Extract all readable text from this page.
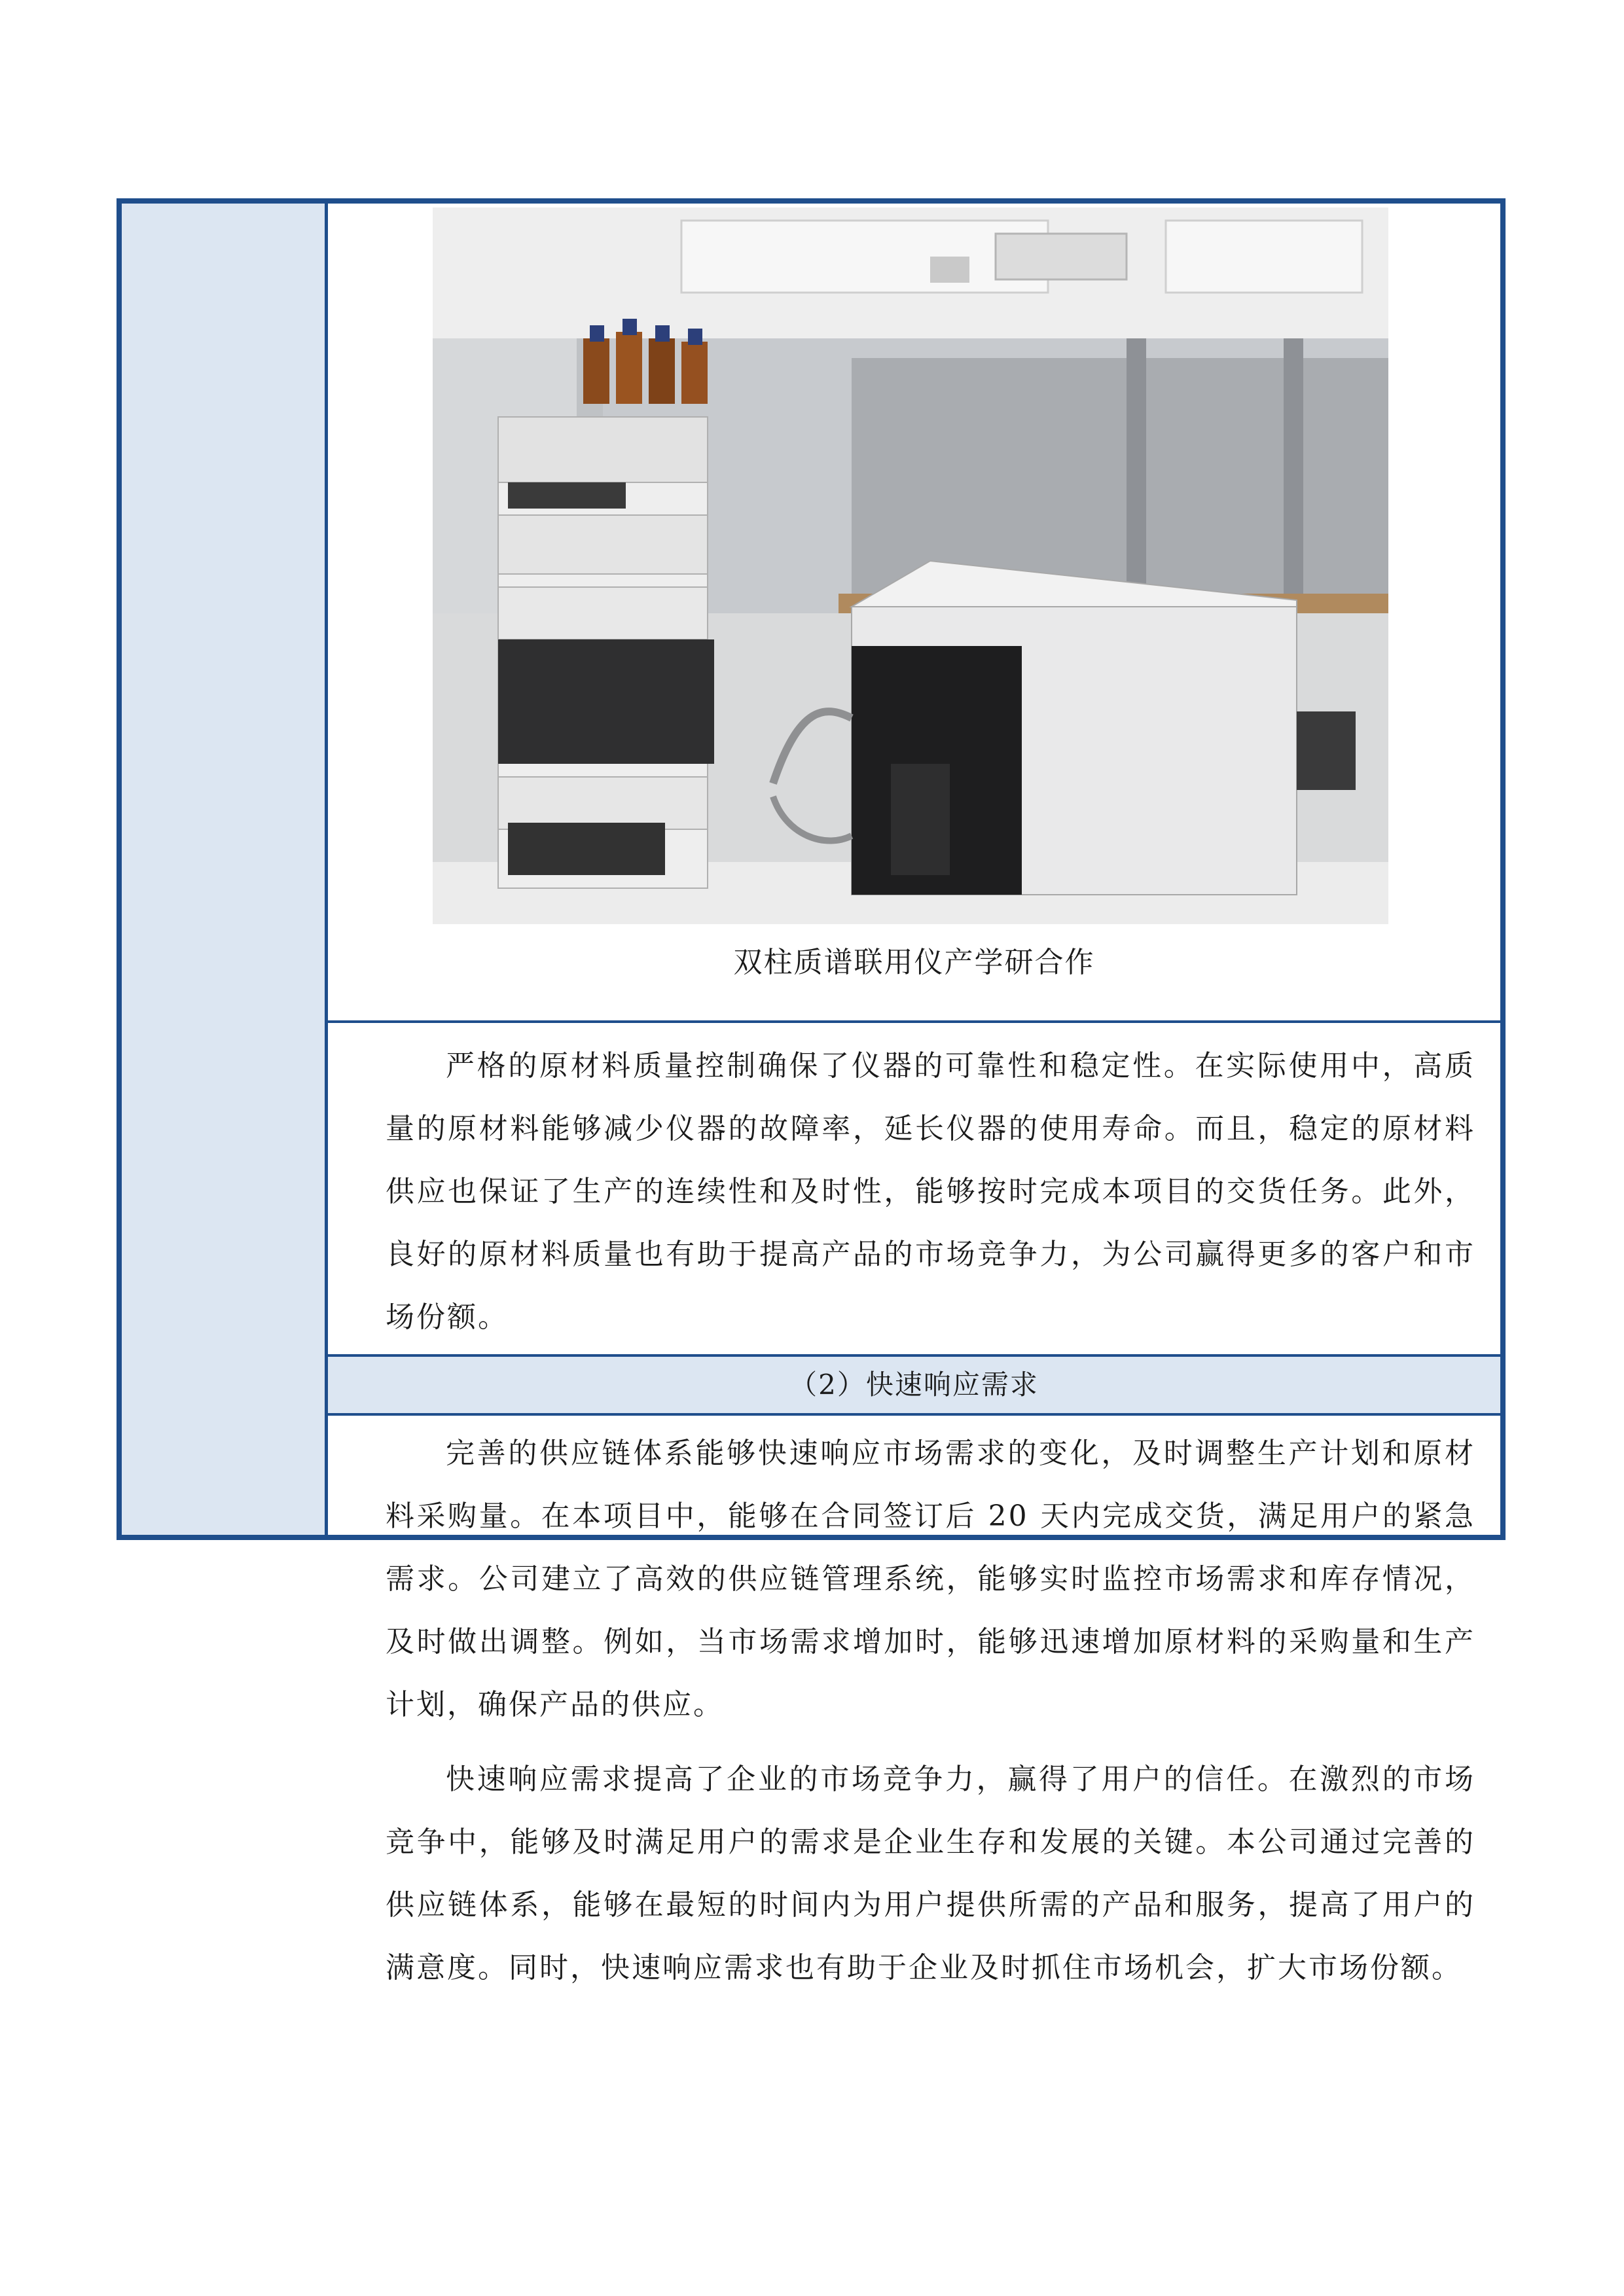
双柱质谱联用仪产学研合作

严格的原材料质量控制确保了仪器的可靠性和稳定性。在实际使用中，高质量的原材料能够减少仪器的故障率，延长仪器的使用寿命。而且，稳定的原材料供应也保证了生产的连续性和及时性，能够按时完成本项目的交货任务。此外，良好的原材料质量也有助于提高产品的市场竞争力，为公司赢得更多的客户和市场份额。

（2）快速响应需求

完善的供应链体系能够快速响应市场需求的变化，及时调整生产计划和原材料采购量。在本项目中，能够在合同签订后 20 天内完成交货，满足用户的紧急需求。公司建立了高效的供应链管理系统，能够实时监控市场需求和库存情况，及时做出调整。例如，当市场需求增加时，能够迅速增加原材料的采购量和生产计划，确保产品的供应。

快速响应需求提高了企业的市场竞争力，赢得了用户的信任。在激烈的市场竞争中，能够及时满足用户的需求是企业生存和发展的关键。本公司通过完善的供应链体系，能够在最短的时间内为用户提供所需的产品和服务，提高了用户的满意度。同时，快速响应需求也有助于企业及时抓住市场机会，扩大市场份额。
